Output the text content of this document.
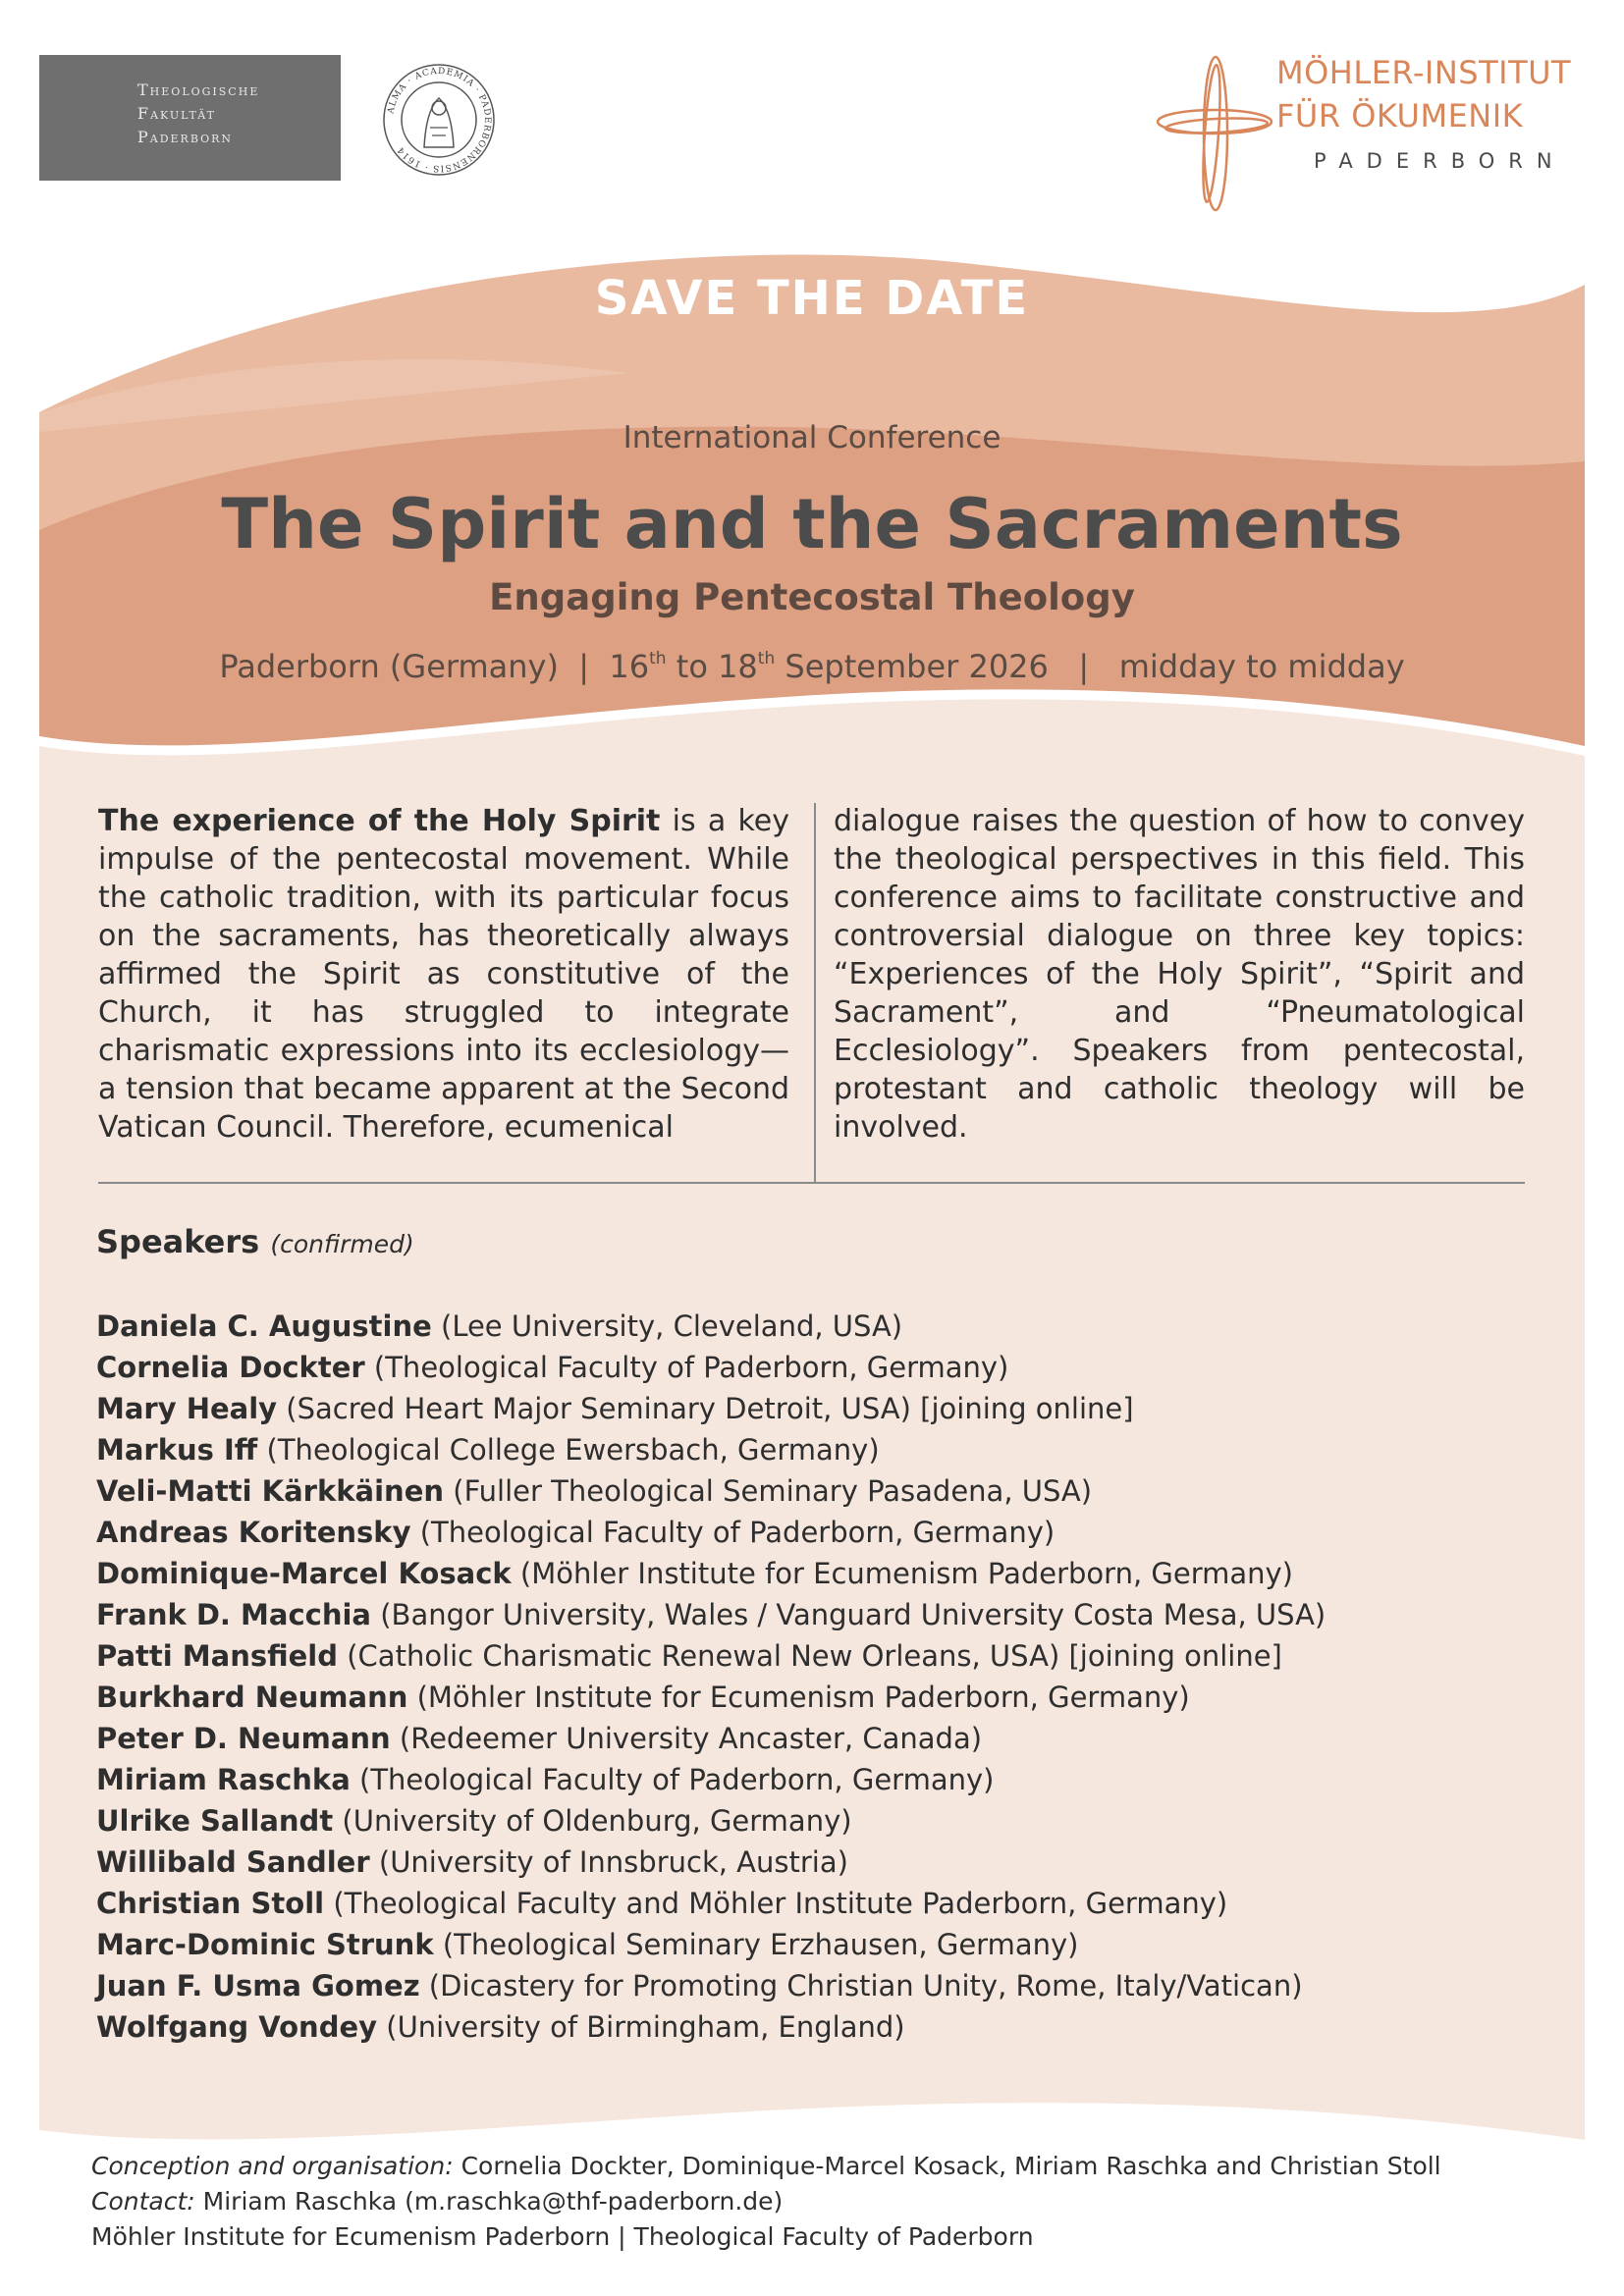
Theologische
Fakultät
Paderborn
ALMA · ACADEMIA · PADERBORNENSIS · 1614
MÖHLER-INSTITUT
FÜR ÖKUMENIK
PADERBORN
SAVE THE DATE
International Conference
The Spirit and the Sacraments
Engaging Pentecostal Theology
Paderborn (Germany) | 16th to 18th September 2026 | midday to midday
The experience of the Holy Spirit is a key impulse of the pentecostal movement. While the catholic tradition, with its particular focus on the sacraments, has theoretically always affirmed the Spirit as constitutive of the Church, it has struggled to integrate charismatic expressions into its ecclesiology—a tension that became apparent at the Second Vatican Council. Therefore, ecumenical
dialogue raises the question of how to convey the theological perspectives in this field. This conference aims to facilitate constructive and controversial dialogue on three key topics: “Experiences of the Holy Spirit”, “Spirit and Sacrament”, and “Pneumatological Ecclesiology”. Speakers from pentecostal, protestant and catholic theology will be involved.
Speakers (confirmed)
Daniela C. Augustine (Lee University, Cleveland, USA)
Cornelia Dockter (Theological Faculty of Paderborn, Germany)
Mary Healy (Sacred Heart Major Seminary Detroit, USA) [joining online]
Markus Iff (Theological College Ewersbach, Germany)
Veli-Matti Kärkkäinen (Fuller Theological Seminary Pasadena, USA)
Andreas Koritensky (Theological Faculty of Paderborn, Germany)
Dominique-Marcel Kosack (Möhler Institute for Ecumenism Paderborn, Germany)
Frank D. Macchia (Bangor University, Wales / Vanguard University Costa Mesa, USA)
Patti Mansfield (Catholic Charismatic Renewal New Orleans, USA) [joining online]
Burkhard Neumann (Möhler Institute for Ecumenism Paderborn, Germany)
Peter D. Neumann (Redeemer University Ancaster, Canada)
Miriam Raschka (Theological Faculty of Paderborn, Germany)
Ulrike Sallandt (University of Oldenburg, Germany)
Willibald Sandler (University of Innsbruck, Austria)
Christian Stoll (Theological Faculty and Möhler Institute Paderborn, Germany)
Marc-Dominic Strunk (Theological Seminary Erzhausen, Germany)
Juan F. Usma Gomez (Dicastery for Promoting Christian Unity, Rome, Italy/Vatican)
Wolfgang Vondey (University of Birmingham, England)
Conception and organisation: Cornelia Dockter, Dominique-Marcel Kosack, Miriam Raschka and Christian Stoll
Contact: Miriam Raschka (m.raschka@thf-paderborn.de)
Möhler Institute for Ecumenism Paderborn | Theological Faculty of Paderborn
